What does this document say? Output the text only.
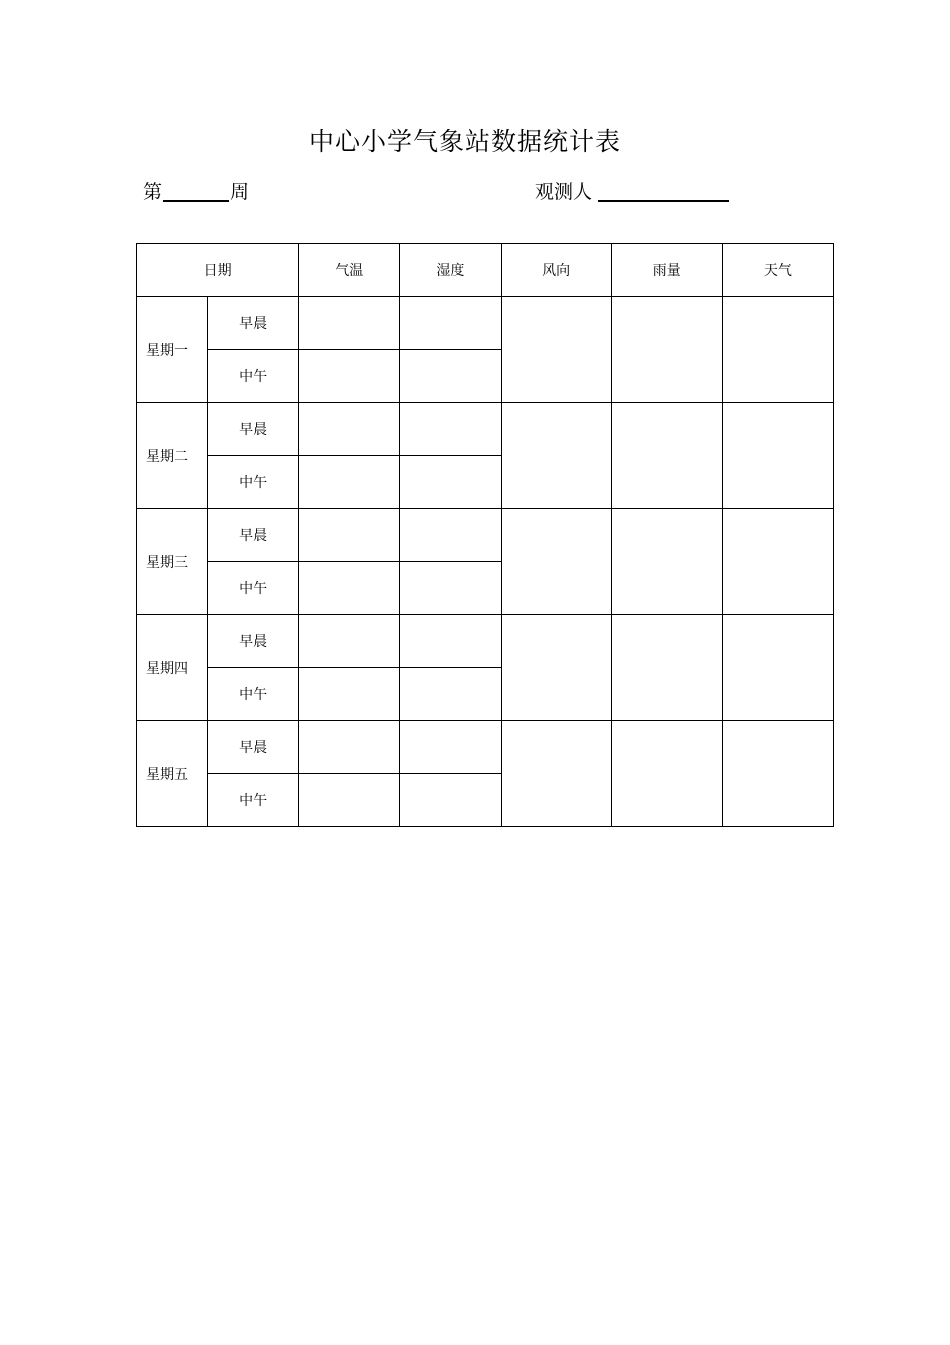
中心小学气象站数据统计表
第	周	观测人
日期		气温	湿度	风向	雨量	天气
星期一	早晨					
	中午					
星期二	早晨					
	中午					
星期三	早晨					
	中午					
星期四	早晨					
	中午					
星期五	早晨					
	中午					
